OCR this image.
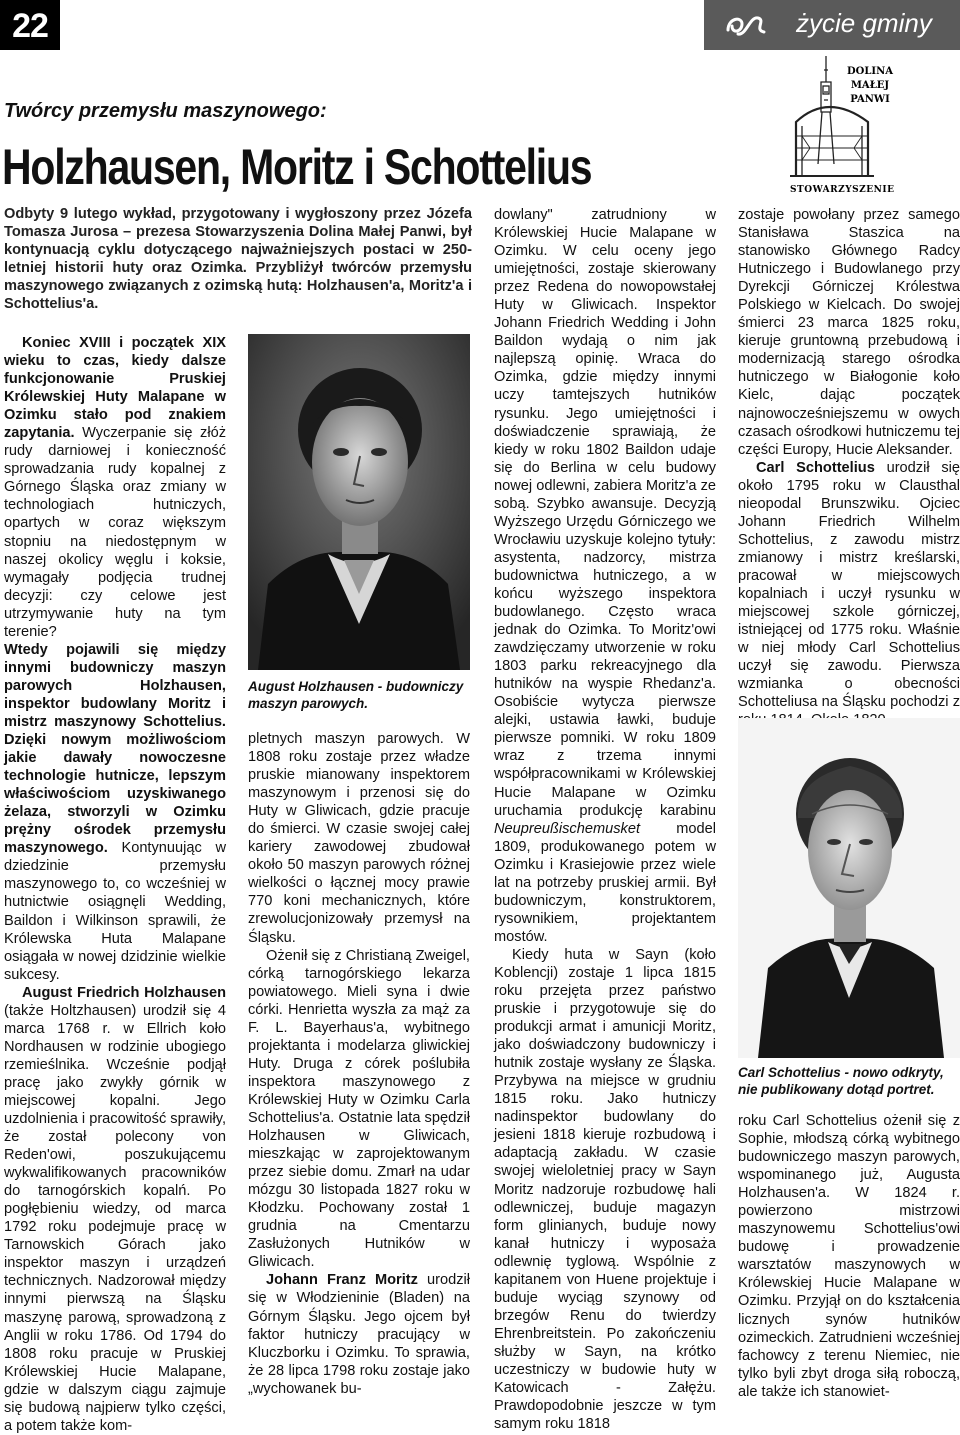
22	życie gminy
DOLINA
MAŁEJ
PANWI
STOWARZYSZENIE
Twórcy przemysłu maszynowego:
Holzhausen, Moritz i Schottelius
Odbyty 9 lutego wykład, przygotowany i wygłoszony przez Józefa Tomasza Jurosa – prezesa Stowarzyszenia Dolina Małej Panwi, był kontynuacją cyklu dotyczącego najważniejszych postaci w 250-letniej historii huty oraz Ozimka. Przybliżył twórców przemysłu maszynowego związanych z ozimską hutą: Holzhausen'a, Moritz'a i Schottelius'a.

Koniec XVIII i początek XIX wieku to czas, kiedy dalsze funkcjonowanie Pruskiej Królewskiej Huty Malapane w Ozimku stało pod znakiem zapytania. Wyczerpanie się złóż rudy darniowej i konieczność sprowadzania rudy kopalnej z Górnego Śląska oraz zmiany w technologiach hutniczych, opartych w coraz większym stopniu na niedostępnym w naszej okolicy węglu i koksie, wymagały podjęcia trudnej decyzji: czy celowe jest utrzymywanie huty na tym terenie?

Wtedy pojawili się między innymi budowniczy maszyn parowych Holzhausen, inspektor budowlany Moritz i mistrz maszynowy Schottelius. Dzięki nowym możliwościom jakie dawały nowoczesne technologie hutnicze, lepszym właściwościom uzyskiwanego żelaza, stworzyli w Ozimku prężny ośrodek przemysłu maszynowego. Kontynuując w dziedzinie przemysłu maszynowego to, co wcześniej w hutnictwie osiągnęli Wedding, Baildon i Wilkinson sprawili, że Królewska Huta Malapane osiągała w nowej dzidzinie wielkie sukcesy.

August Friedrich Holzhausen (także Holtzhausen) urodził się 4 marca 1768 r. w Ellrich koło Nordhausen w rodzinie ubogiego rzemieślnika. Wcześnie podjął pracę jako zwykły górnik w miejscowej kopalni. Jego uzdolnienia i pracowitość sprawiły, że został polecony von Reden'owi, poszukującemu wykwalifikowanych pracowników do tarnogórskich kopalń. Po pogłębieniu wiedzy, od marca 1792 roku podejmuje pracę w Tarnowskich Górach jako inspektor maszyn i urządzeń technicznych. Nadzorował między innymi pierwszą na Śląsku maszynę parową, sprowadzoną z Anglii w roku 1786. Od 1794 do 1808 roku pracuje w Pruskiej Królewskiej Hucie Malapane, gdzie w dalszym ciągu zajmuje się budową najpierw tylko części, a potem także kom-

August Holzhausen - budowniczy maszyn parowych.

pletnych maszyn parowych. W 1808 roku zostaje przez władze pruskie mianowany inspektorem maszynowym i przenosi się do Huty w Gliwicach, gdzie pracuje do śmierci. W czasie swojej całej kariery zawodowej zbudował około 50 maszyn parowych różnej wielkości o łącznej mocy prawie 770 koni mechanicznych, które zrewolucjonizowały przemysł na Śląsku.

Ożenił się z Christianą Zweigel, córką tarnogórskiego lekarza powiatowego. Mieli syna i dwie córki. Henrietta wyszła za mąż za F. L. Bayerhaus'a, wybitnego projektanta i modelarza gliwickiej Huty. Druga z córek poślubiła inspektora maszynowego z Królewskiej Huty w Ozimku Carla Schottelius'a. Ostatnie lata spędził Holzhausen w Gliwicach, mieszkając w zaprojektowanym przez siebie domu. Zmarł na udar mózgu 30 listopada 1827 roku w Kłodzku. Pochowany został 1 grudnia na Cmentarzu Zasłużonych Hutników w Gliwicach.

Johann Franz Moritz urodził się w Włodzieninie (Bladen) na Górnym Śląsku. Jego ojcem był faktor hutniczy pracujący w Kluczborku i Ozimku. To sprawia, że 28 lipca 1798 roku zostaje jako „wychowanek bu-

dowlany" zatrudniony w Królewskiej Hucie Malapane w Ozimku. W celu oceny jego umiejętności, zostaje skierowany przez Redena do nowopowstałej Huty w Gliwicach. Inspektor Johann Friedrich Wedding i John Baildon wydają o nim jak najlepszą opinię. Wraca do Ozimka, gdzie między innymi uczy tamtejszych hutników rysunku. Jego umiejętności i doświadczenie sprawiają, że kiedy w roku 1802 Baildon udaje się do Berlina w celu budowy nowej odlewni, zabiera Moritz'a ze sobą. Szybko awansuje. Decyzją Wyższego Urzędu Górniczego we Wrocławiu uzyskuje kolejno tytuły: asystenta, nadzorcy, mistrza budownictwa hutniczego, a w końcu wyższego inspektora budowlanego. Często wraca jednak do Ozimka. To Moritz'owi zawdzięczamy utworzenie w roku 1803 parku rekreacyjnego dla hutników na wyspie Rhedanz'a. Osobiście wytycza pierwsze alejki, ustawia ławki, buduje pierwsze pomniki. W roku 1809 wraz z trzema innymi współpracownikami w Królewskiej Hucie Malapane w Ozimku uruchamia produkcję karabinu Neupreußischemusket model 1809, produkowanego potem w Ozimku i Krasiejowie przez wiele lat na potrzeby pruskiej armii. Był budowniczym, konstruktorem, rysownikiem, projektantem mostów.

Kiedy huta w Sayn (koło Koblencji) zostaje 1 lipca 1815 roku przejęta przez państwo pruskie i przygotowuje się do produkcji armat i amunicji Moritz, jako doświadczony budowniczy i hutnik zostaje wysłany ze Śląska. Przybywa na miejsce w grudniu 1815 roku. Jako hutniczy nadinspektor budowlany do jesieni 1818 kieruje rozbudową i adaptacją zakładu. W czasie swojej wieloletniej pracy w Sayn Moritz nadzoruje rozbudowę hali odlewniczej, buduje magazyn form glinianych, buduje nowy kanał hutniczy i wyposaża odlewnię tyglową. Wspólnie z kapitanem von Huene projektuje i buduje wyciąg szynowy od brzegów Renu do twierdzy Ehrenbreitstein. Po zakończeniu służby w Sayn, na krótko uczestniczy w budowie huty w Katowicach - Załężu. Prawdopodobnie jeszcze w tym samym roku 1818

zostaje powołany przez samego Stanisława Staszica na stanowisko Głównego Radcy Hutniczego i Budowlanego przy Dyrekcji Górniczej Królestwa Polskiego w Kielcach. Do swojej śmierci 23 marca 1825 roku, kieruje gruntowną przebudową i modernizacją starego ośrodka hutniczego w Białogonie koło Kielc, dając początek najnowocześniejszemu w owych czasach ośrodkowi hutniczemu tej części Europy, Hucie Aleksander.

Carl Schottelius urodził się około 1795 roku w Clausthal nieopodal Brunszwiku. Ojciec Johann Friedrich Wilhelm Schottelius, z zawodu mistrz zmianowy i mistrz kreślarski, pracował w miejscowych kopalniach i uczył rysunku w miejscowej szkole górniczej, istniejącej od 1775 roku. Właśnie w niej młody Carl Schottelius uczył się zawodu. Pierwsza wzmianka o obecności Schotteliusa na Śląsku pochodzi z

Carl Schottelius - nowo odkryty, nie publikowany dotąd portret.

roku Carl Schottelius ożenił się z Sophie, młodszą córką wybitnego budowniczego maszyn parowych, wspominanego już, Augusta Holzhausen'a. W 1824 r. powierzono mistrzowi maszynowemu Schottelius'owi budowę i prowadzenie warsztatów maszynowych w Królewskiej Hucie Malapane w Ozimku. Przyjął on do kształcenia licznych synów hutników ozimeckich. Zatrudnieni wcześniej fachowcy z terenu Niemiec, nie tylko byli zbyt droga siłą roboczą, ale także ich stanowiet-
